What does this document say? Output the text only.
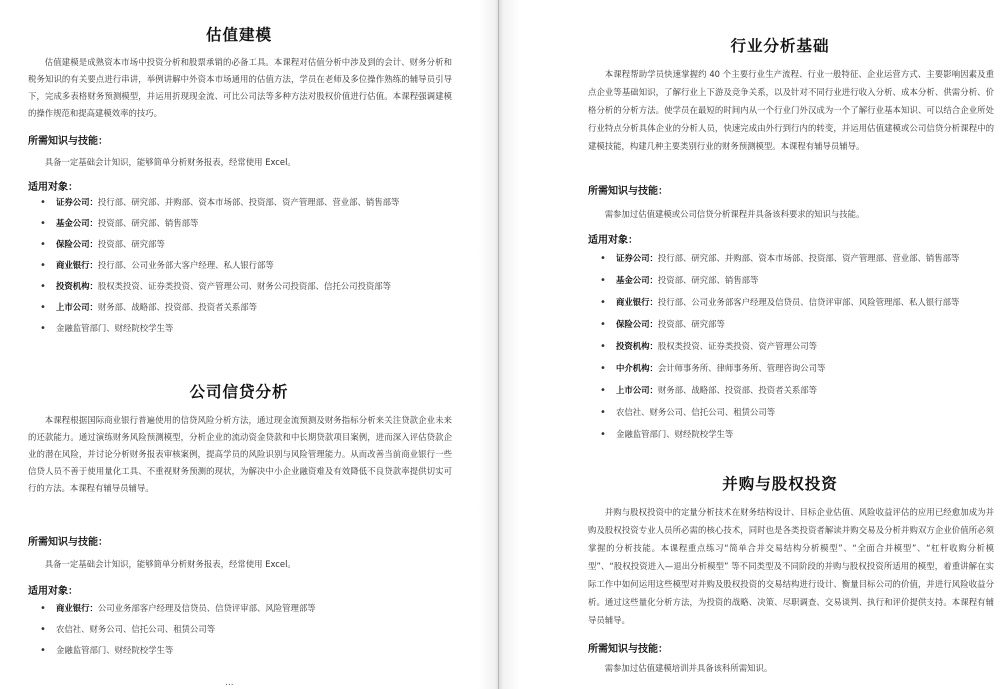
估值建模

估值建模是成熟资本市场中投资分析和股票承销的必备工具。本课程对估值分析中涉及到的会计、财务分析和税务知识的有关要点进行串讲，举例讲解中外资本市场通用的估值方法，学员在老师及多位操作熟练的辅导员引导下，完成多表格财务预测模型，并运用折现现金流、可比公司法等多种方法对股权价值进行估值。本课程强调建模的操作规范和提高建模效率的技巧。

所需知识与技能：

具备一定基础会计知识，能够简单分析财务报表，经常使用 Excel。

适用对象：

• 证券公司：投行部、研究部、并购部、资本市场部、投资部、资产管理部、营业部、销售部等
• 基金公司：投资部、研究部、销售部等
• 保险公司：投资部、研究部等
• 商业银行：投行部、公司业务部大客户经理、私人银行部等
• 投资机构：股权类投资、证券类投资、资产管理公司、财务公司投资部、信托公司投资部等
• 上市公司：财务部、战略部、投资部、投资者关系部等
• 金融监管部门、财经院校学生等
公司信贷分析

本课程根据国际商业银行普遍使用的信贷风险分析方法，通过现金流预测及财务指标分析来关注贷款企业未来的还款能力。通过演练财务风险预测模型，分析企业的流动资金贷款和中长期贷款项目案例，进而深入评估贷款企业的潜在风险，并讨论分析财务报表审核案例，提高学员的风险识别与风险管理能力。从而改善当前商业银行一些信贷人员不善于使用量化工具、不重视财务预测的现状，为解决中小企业融资难及有效降低不良贷款率提供切实可行的方法。本课程有辅导员辅导。

所需知识与技能：

具备一定基础会计知识，能够简单分析财务报表，经常使用 Excel。

适用对象：

• 商业银行：公司业务部客户经理及信贷员、信贷评审部、风险管理部等
• 农信社、财务公司、信托公司、租赁公司等
• 金融监管部门、财经院校学生等
...
行业分析基础

本课程帮助学员快速掌握约 40 个主要行业生产流程、行业一般特征、企业运营方式、主要影响因素及重点企业等基础知识，了解行业上下游及竞争关系，以及针对不同行业进行收入分析、成本分析、供需分析、价格分析的分析方法。使学员在最短的时间内从一个行业门外汉成为一个了解行业基本知识、可以结合企业所处行业特点分析具体企业的分析人员，快速完成由外行到行内的转变，并运用估值建模或公司信贷分析课程中的建模技能，构建几种主要类别行业的财务预测模型。本课程有辅导员辅导。

所需知识与技能：

需参加过估值建模或公司信贷分析课程并具备该科要求的知识与技能。

适用对象：

• 证券公司：投行部、研究部、并购部、资本市场部、投资部、资产管理部、营业部、销售部等
• 基金公司：投资部、研究部、销售部等
• 商业银行：投行部、公司业务部客户经理及信贷员、信贷评审部、风险管理部、私人银行部等
• 保险公司：投资部、研究部等
• 投资机构：股权类投资、证券类投资、资产管理公司等
• 中介机构：会计师事务所、律师事务所、管理咨询公司等
• 上市公司：财务部、战略部、投资部、投资者关系部等
• 农信社、财务公司、信托公司、租赁公司等
• 金融监管部门、财经院校学生等
并购与股权投资

并购与股权投资中的定量分析技术在财务结构设计、目标企业估值、风险收益评估的应用已经愈加成为并购及股权投资专业人员所必需的核心技术，同时也是各类投资者解读并购交易及分析并购双方企业价值所必须掌握的分析技能。本课程重点练习“简单合并交易结构分析模型”、“全面合并模型”、“杠杆收购分析模型”、“股权投资进入—退出分析模型” 等不同类型及不同阶段的并购与股权投资所适用的模型，着重讲解在实际工作中如何运用这些模型对并购及股权投资的交易结构进行设计、衡量目标公司的价值，并进行风险收益分析。通过这些量化分析方法，为投资的战略、决策、尽职调查、交易谈判、执行和评价提供支持。本课程有辅导员辅导。

所需知识与技能：

需参加过估值建模培训并具备该科所需知识。
